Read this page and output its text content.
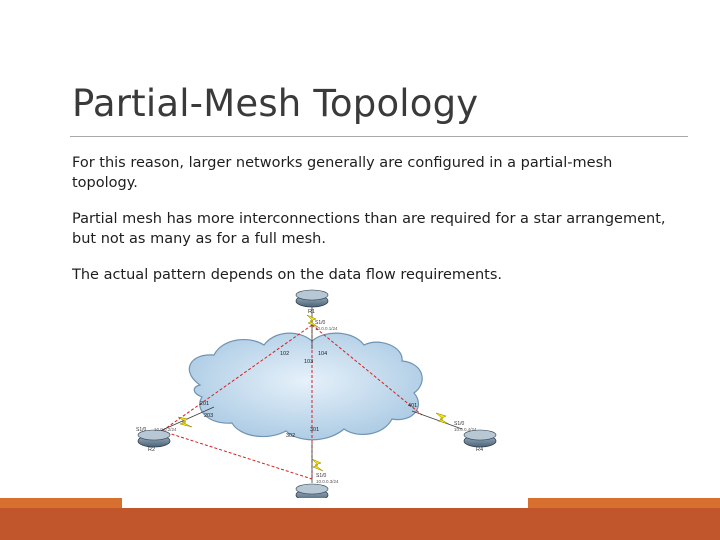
Partial-Mesh Topology
For this reason, larger networks generally are configured in a partial-mesh topology.
Partial mesh has more interconnections than are required for a star arrangement, but not as many as for a full mesh.
The actual pattern depends on the data flow requirements.
R1
S1/0
10.0.0.1/24
R2
S1/0 10.0.0.2/24
S1/0
10.0.0.3/24
R4
S1/0
10.0.0.4/24
102	104
103
201
203
301
302
401
